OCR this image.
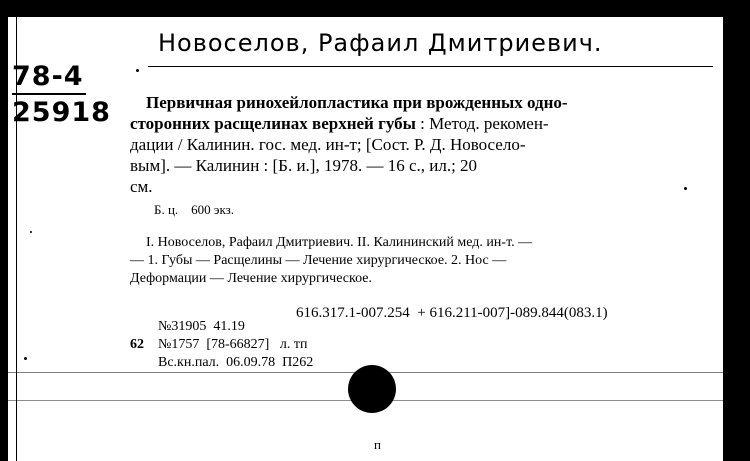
Новоселов, Рафаил Дмитриевич.
78-4
25918 Первичная ринохейлопластика при врожденных одно-
сторонних расщелинах верхней губы : Метод. рекомен-
дации / Калинин. гос. мед. ин-т; [Сост. Р. Д. Новосело-
вым]. — Калинин : [Б. и.], 1978. — 16 с., ил.; 20
см.
Б. ц.    600 экз.
I. Новоселов, Рафаил Дмитриевич. II. Калининский мед. ин-т. —
— 1. Губы — Расщелины — Лечение хирургическое. 2. Нос —
Деформации — Лечение хирургическое.
616.317.1-007.254  + 616.211-007]-089.844(083.1)
№31905  41.19
62 №1757  [78-66827]   л. тп
Вс.кн.пал.  06.09.78  П262
п
